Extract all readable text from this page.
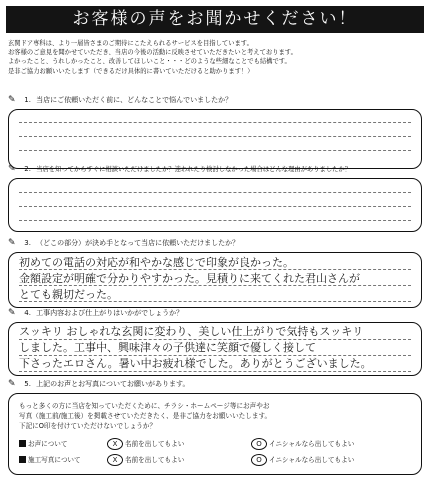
お客様の声をお聞かせください！
玄関ドア専科は、より一層皆さまのご期待にこたえられるサービスを目指しています。
お客様のご意見を聞かせていただき、当店の今後の活動に反映させていただきたいと考えております。
よかったこと、うれしかったこと、改善してほしいこと・・・どのような些細なことでも結構です。
是非ご協力お願いいたします（できるだけ具体的に書いていただけると助かります！）
✎ 1. 当店にご依頼いただく前に、どんなことで悩んでいましたか？
✎ 2. 当店を知ってからすぐに相談いただけましたか？迷われたり検討しなかった場合はどんな理由がありましたか？
✎ 3. （どこの部分）が決め手となって当店に依頼いただけましたか？
初めての電話の対応が和やかな感じで印象が良かった。
金額設定が明確で分かりやすかった。見積りに来てくれた君山さんが
とても親切だった。
✎ 4. 工事内容および仕上がりはいかがでしょうか？
スッキリ おしゃれな玄関に変わり、美しい仕上がりで気持もスッキリ
しました。工事中、興味津々の子供達に笑顔で優しく接して
下さったエロさん。暑い中お疲れ様でした。ありがとうございました。
✎ 5. 上記のお声とお写真についてお願いがあります。
もっと多くの方に当店を知っていただくために、チラシ・ホームページ等にお声やお
写真（施工前/施工後）を掲載させていただきたく、是非ご協力をお願いいたします。
下記にO印を付けていただけないでしょうか？
お声について	X 名前を出してもよい	O イニシャルなら出してもよい
施工写真について	X 名前を出してもよい	O イニシャルなら出してもよい
